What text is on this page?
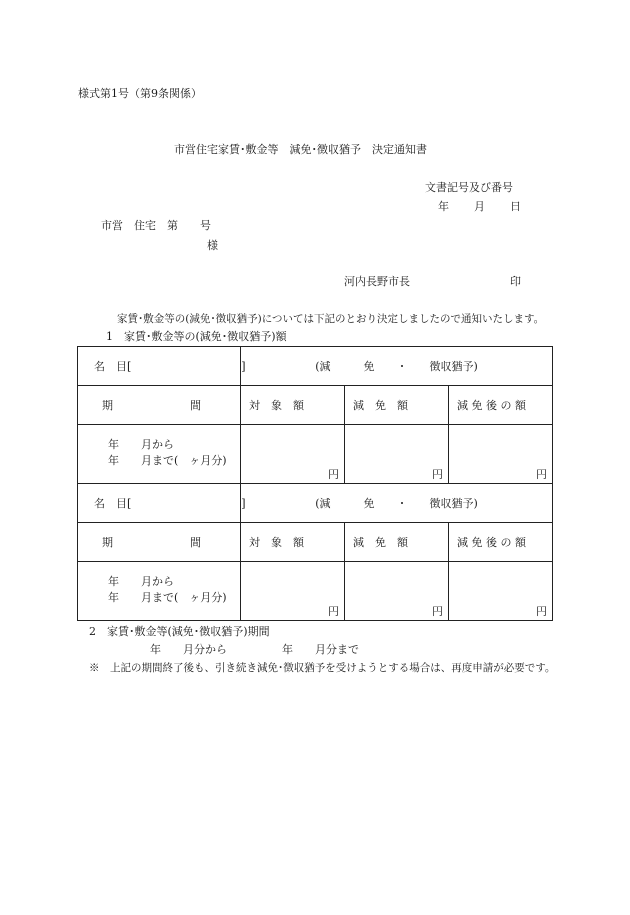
様式第1号（第9条関係）
市営住宅家賃･敷金等　減免･徴収猶予　決定通知書
文書記号及び番号
年 月 日
市営　住宅　第　　号
様
河内長野市長	印
家賃･敷金等の(減免･徴収猶予)については下記のとおり決定しましたので通知いたします。
1　家賃･敷金等の(減免･徴収猶予)額
名　目[　　　　　　　　　　]	(減　　　免　　・　　徴収猶予)		
期　　　　　　　間	対　象　額	減　免　額	減 免 後 の 額

年　　月から
年　　月まで(　ヶ月分)	円	円	円
名　目[　　　　　　　　　　]	(減　　　免　　・　　徴収猶予)		
期　　　　　　　間	対　象　額	減　免　額	減 免 後 の 額

年　　月から
年　　月まで(　ヶ月分)	円	円	円
2　家賃･敷金等(減免･徴収猶予)期間
年　　月分から　　　　　年　　月分まで
※　上記の期間終了後も、引き続き減免･徴収猶予を受けようとする場合は、再度申請が必要です。
